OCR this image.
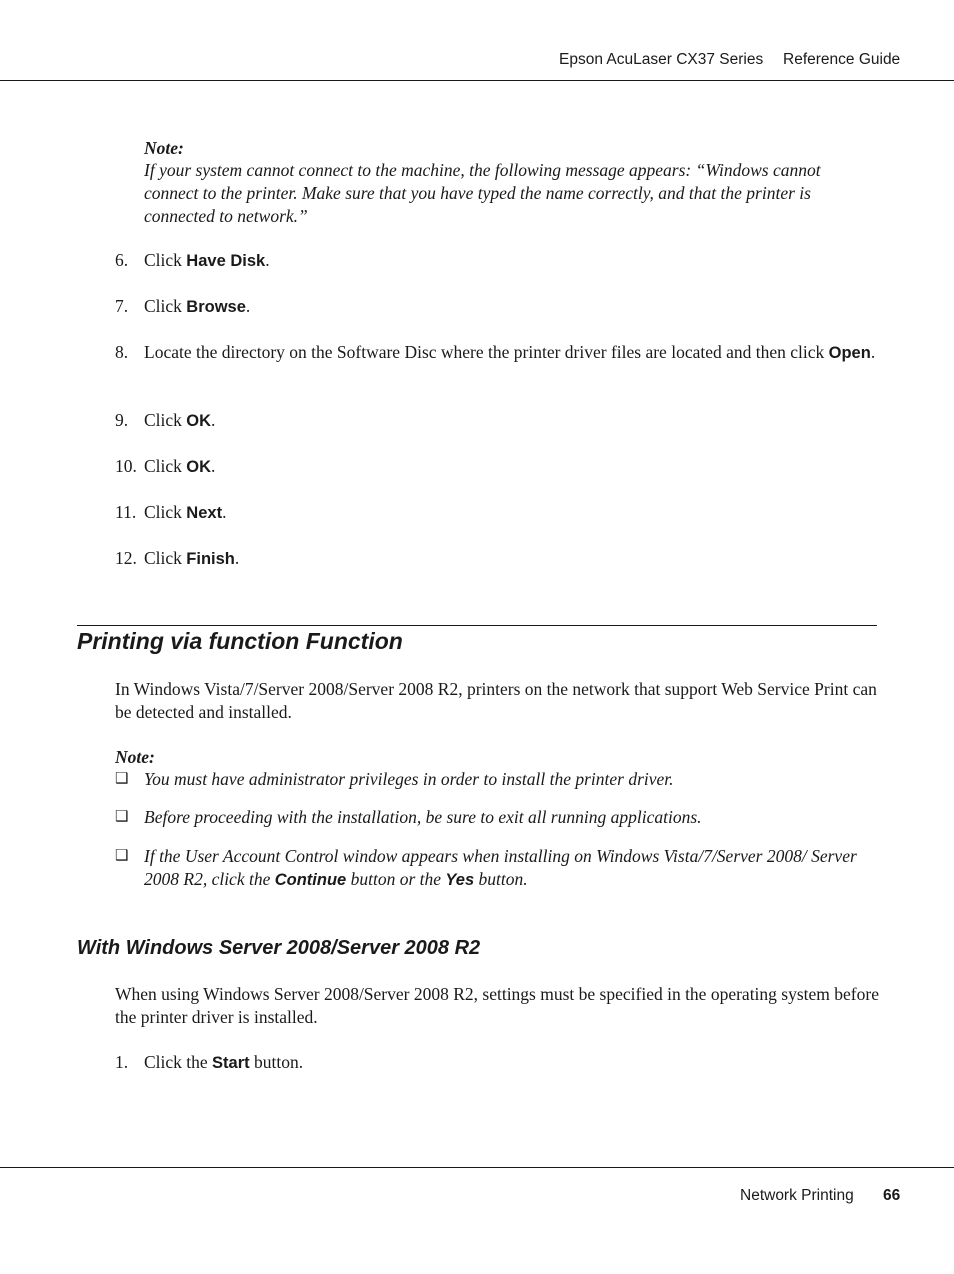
Epson AcuLaser CX37 Series Reference Guide
Note:
If your system cannot connect to the machine, the following message appears: “Windows cannot connect to the printer. Make sure that you have typed the name correctly, and that the printer is connected to network.”
6. Click Have Disk.
7. Click Browse.
8. Locate the directory on the Software Disc where the printer driver files are located and then click Open.
9. Click OK.
10. Click OK.
11. Click Next.
12. Click Finish.
Printing via function Function
In Windows Vista/7/Server 2008/Server 2008 R2, printers on the network that support Web Service Print can be detected and installed.
Note:
❑ You must have administrator privileges in order to install the printer driver.
❑ Before proceeding with the installation, be sure to exit all running applications.
❑ If the User Account Control window appears when installing on Windows Vista/7/Server 2008/ Server 2008 R2, click the Continue button or the Yes button.
With Windows Server 2008/Server 2008 R2
When using Windows Server 2008/Server 2008 R2, settings must be specified in the operating system before the printer driver is installed.
1. Click the Start button.
Network Printing 66
